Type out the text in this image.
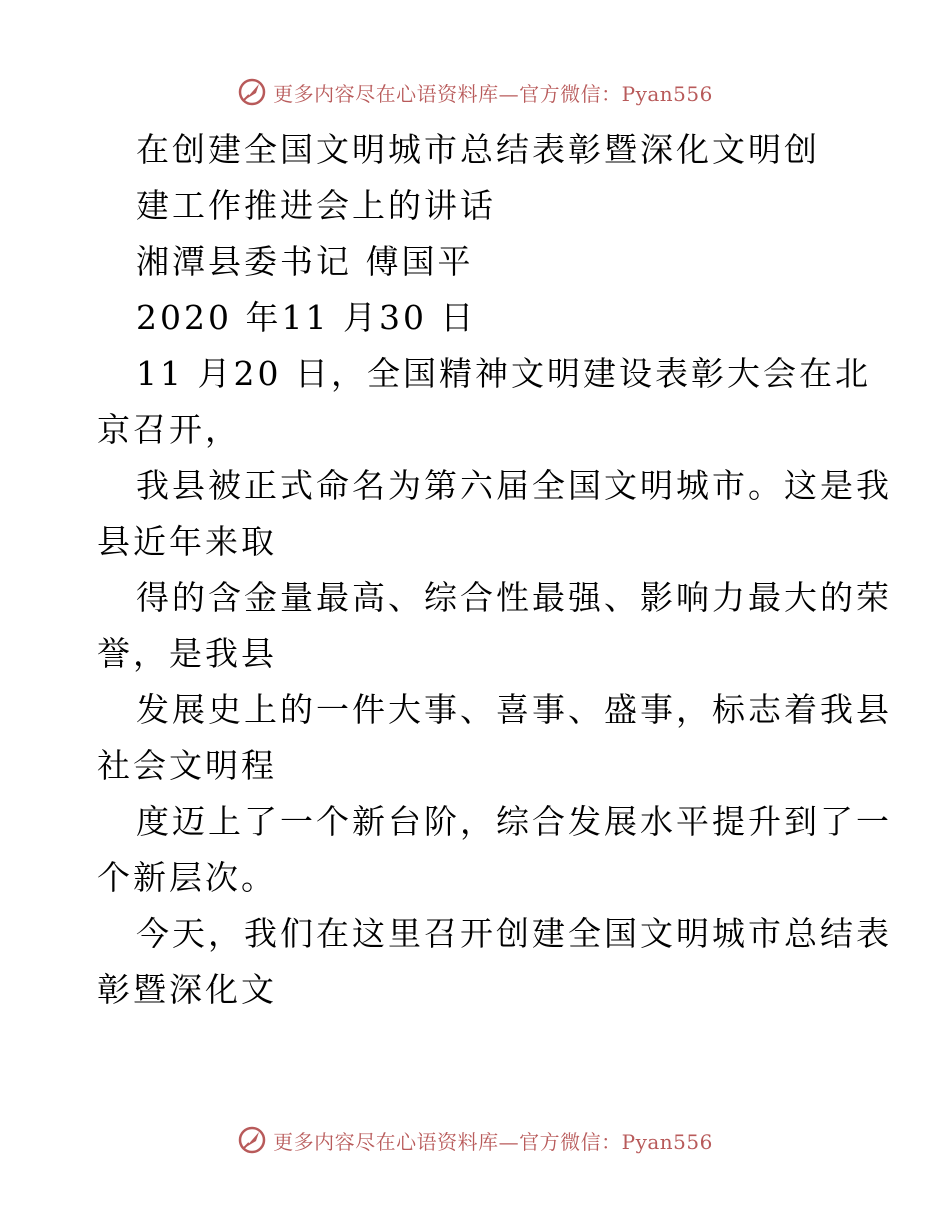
更多内容尽在心语资料库—官方微信：Pyan556
在创建全国文明城市总结表彰暨深化文明创
建工作推进会上的讲话
湘潭县委书记 傅国平
2020 年11 月30 日
11 月20 日，全国精神文明建设表彰大会在北
京召开，
我县被正式命名为第六届全国文明城市。这是我
县近年来取
得的含金量最高、综合性最强、影响力最大的荣
誉，是我县
发展史上的一件大事、喜事、盛事，标志着我县
社会文明程
度迈上了一个新台阶，综合发展水平提升到了一
个新层次。
今天，我们在这里召开创建全国文明城市总结表
彰暨深化文
更多内容尽在心语资料库—官方微信：Pyan556
